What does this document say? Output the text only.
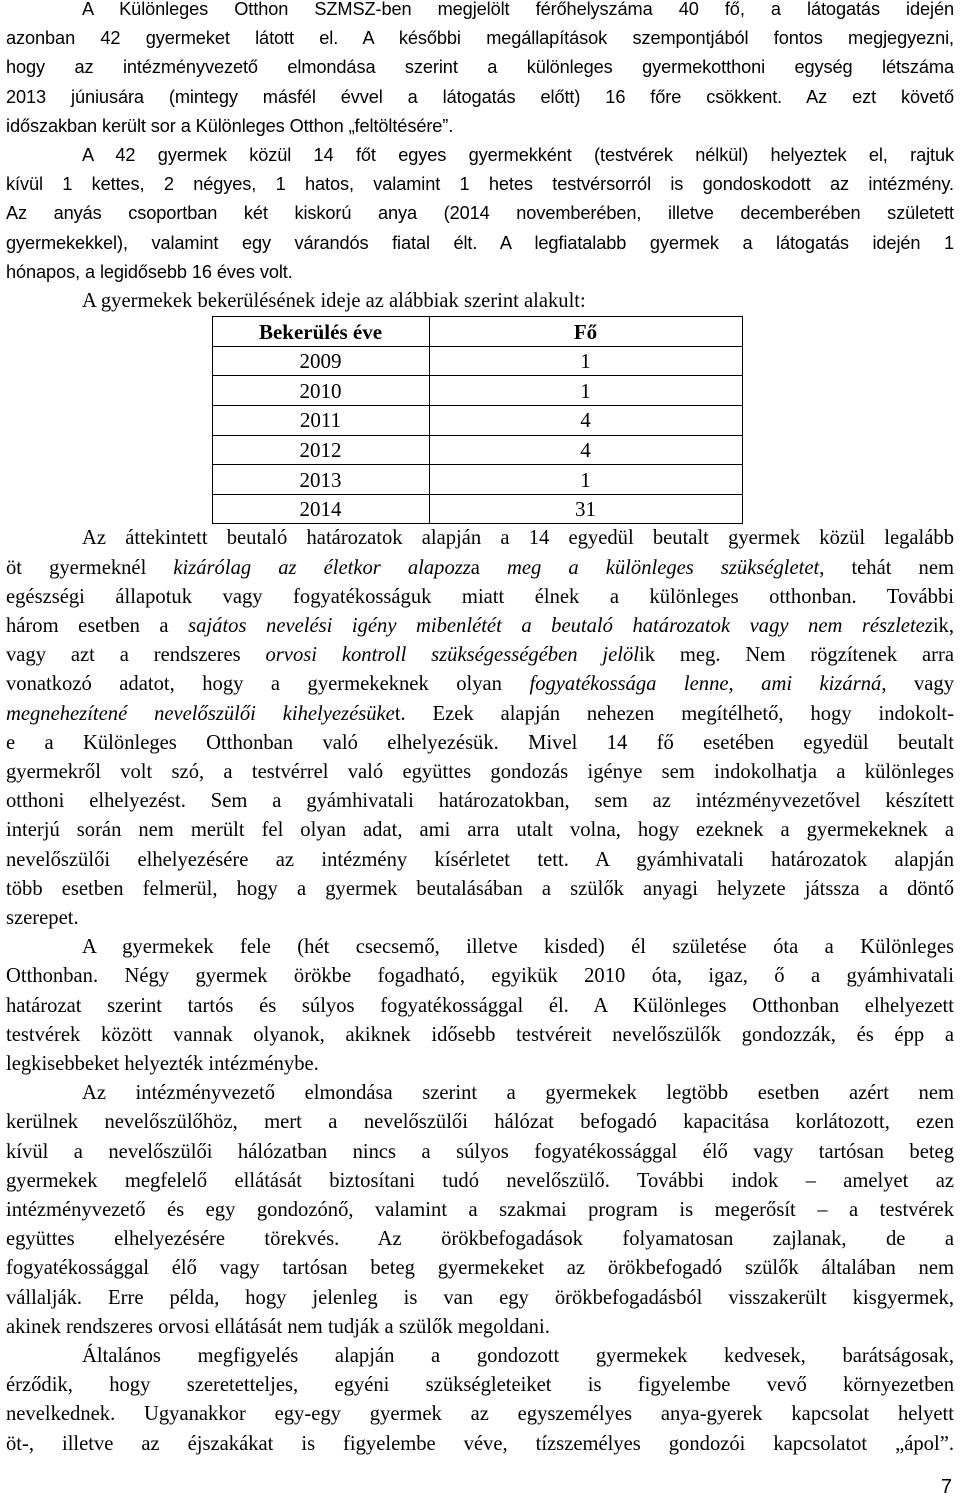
A Különleges Otthon SZMSZ-ben megjelölt férőhelyszáma 40 fő, a látogatás idején
azonban 42 gyermeket látott el. A későbbi megállapítások szempontjából fontos megjegyezni,
hogy az intézményvezető elmondása szerint a különleges gyermekotthoni egység létszáma
2013 júniusára (mintegy másfél évvel a látogatás előtt) 16 főre csökkent. Az ezt követő
időszakban került sor a Különleges Otthon „feltöltésére”.
A 42 gyermek közül 14 főt egyes gyermekként (testvérek nélkül) helyeztek el, rajtuk
kívül 1 kettes, 2 négyes, 1 hatos, valamint 1 hetes testvérsorról is gondoskodott az intézmény.
Az anyás csoportban két kiskorú anya (2014 novemberében, illetve decemberében született
gyermekekkel), valamint egy várandós fiatal élt. A legfiatalabb gyermek a látogatás idején 1
hónapos, a legidősebb 16 éves volt.
A gyermekek bekerülésének ideje az alábbiak szerint alakult:
Bekerülés éve	Fő
2009	1
2010	1
2011	4
2012	4
2013	1
2014	31
Az áttekintett beutaló határozatok alapján a 14 egyedül beutalt gyermek közül legalább
öt gyermeknél kizárólag az életkor alapozza meg a különleges szükségletet, tehát nem
egészségi állapotuk vagy fogyatékosságuk miatt élnek a különleges otthonban. További
három esetben a sajátos nevelési igény mibenlétét a beutaló határozatok vagy nem részletezik,
vagy azt a rendszeres orvosi kontroll szükségességében jelölik meg. Nem rögzítenek arra
vonatkozó adatot, hogy a gyermekeknek olyan fogyatékossága lenne, ami kizárná, vagy
megnehezítené nevelőszülői kihelyezésüket. Ezek alapján nehezen megítélhető, hogy indokolt-
e a Különleges Otthonban való elhelyezésük. Mivel 14 fő esetében egyedül beutalt
gyermekről volt szó, a testvérrel való együttes gondozás igénye sem indokolhatja a különleges
otthoni elhelyezést. Sem a gyámhivatali határozatokban, sem az intézményvezetővel készített
interjú során nem merült fel olyan adat, ami arra utalt volna, hogy ezeknek a gyermekeknek a
nevelőszülői elhelyezésére az intézmény kísérletet tett. A gyámhivatali határozatok alapján
több esetben felmerül, hogy a gyermek beutalásában a szülők anyagi helyzete játssza a döntő
szerepet.
A gyermekek fele (hét csecsemő, illetve kisded) él születése óta a Különleges
Otthonban. Négy gyermek örökbe fogadható, egyikük 2010 óta, igaz, ő a gyámhivatali
határozat szerint tartós és súlyos fogyatékossággal él. A Különleges Otthonban elhelyezett
testvérek között vannak olyanok, akiknek idősebb testvéreit nevelőszülők gondozzák, és épp a
legkisebbeket helyezték intézménybe.
Az intézményvezető elmondása szerint a gyermekek legtöbb esetben azért nem
kerülnek nevelőszülőhöz, mert a nevelőszülői hálózat befogadó kapacitása korlátozott, ezen
kívül a nevelőszülői hálózatban nincs a súlyos fogyatékossággal élő vagy tartósan beteg
gyermekek megfelelő ellátását biztosítani tudó nevelőszülő. További indok – amelyet az
intézményvezető és egy gondozónő, valamint a szakmai program is megerősít – a testvérek
együttes elhelyezésére törekvés. Az örökbefogadások folyamatosan zajlanak, de a
fogyatékossággal élő vagy tartósan beteg gyermekeket az örökbefogadó szülők általában nem
vállalják. Erre példa, hogy jelenleg is van egy örökbefogadásból visszakerült kisgyermek,
akinek rendszeres orvosi ellátását nem tudják a szülők megoldani.
Általános megfigyelés alapján a gondozott gyermekek kedvesek, barátságosak,
érződik, hogy szeretetteljes, egyéni szükségleteiket is figyelembe vevő környezetben
nevelkednek. Ugyanakkor egy-egy gyermek az egyszemélyes anya-gyerek kapcsolat helyett
öt-, illetve az éjszakákat is figyelembe véve, tízszemélyes gondozói kapcsolatot „ápol”.
7
